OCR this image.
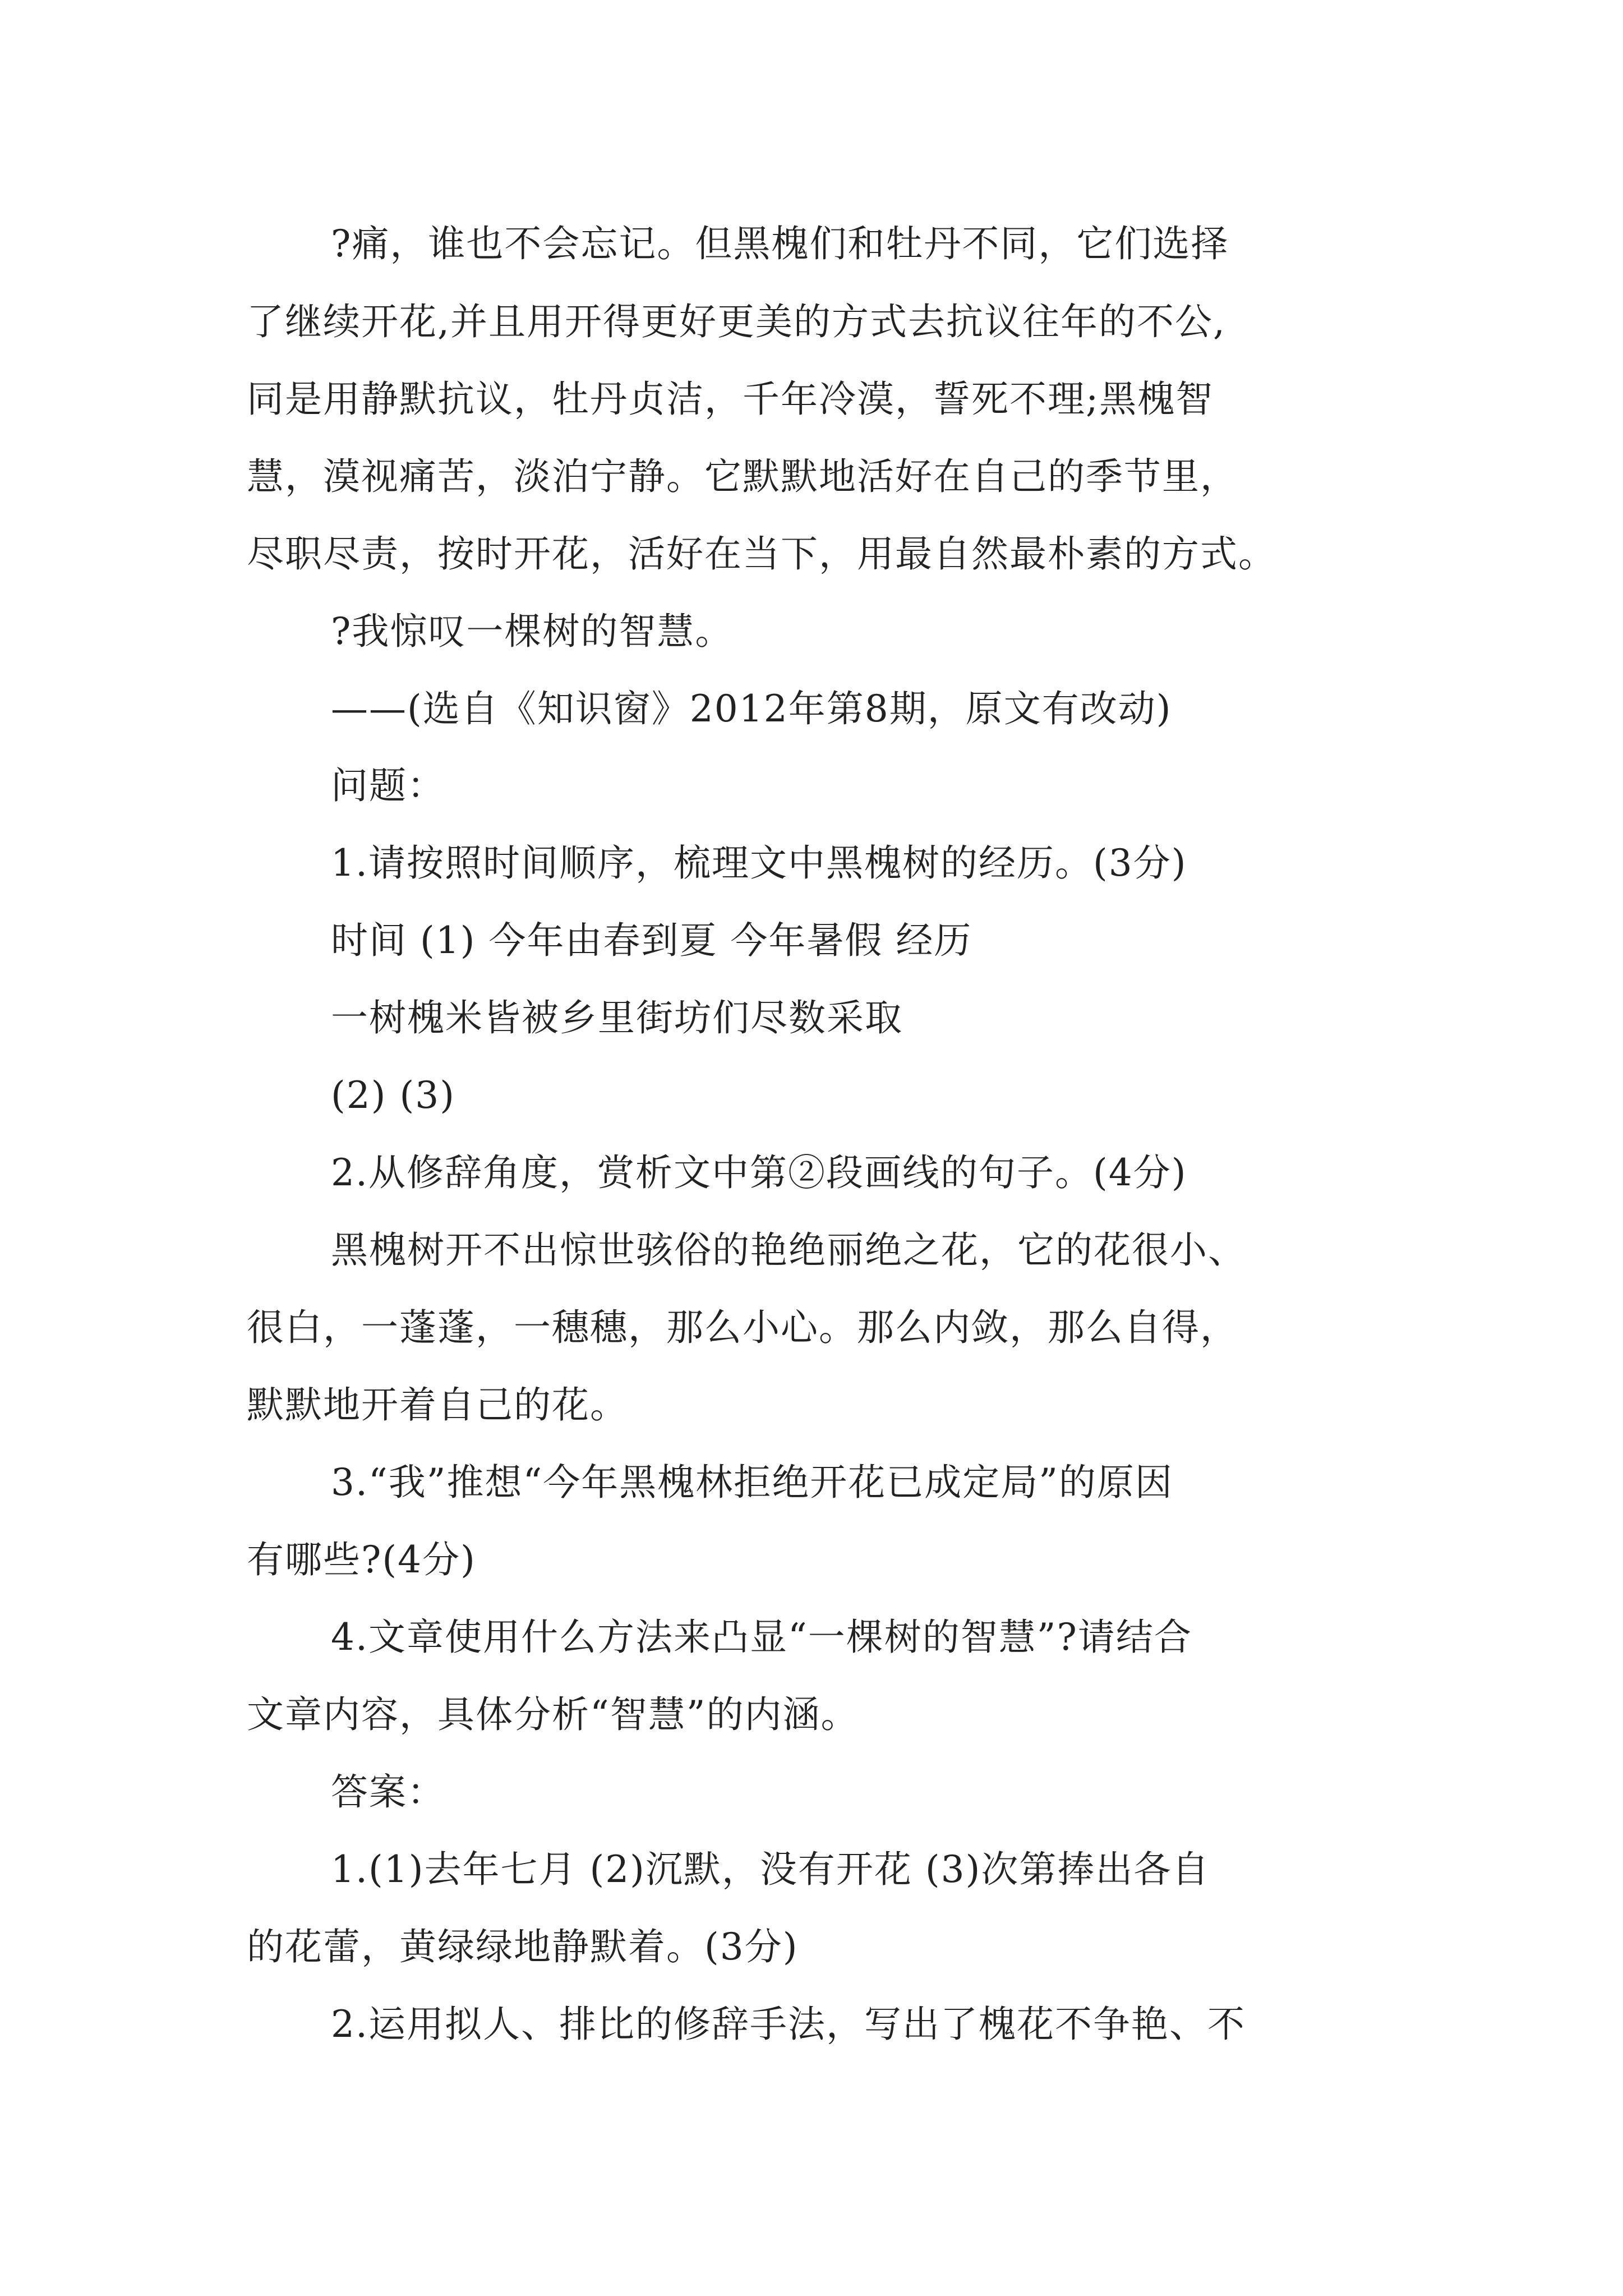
?痛，谁也不会忘记。但黑槐们和牡丹不同，它们选择
了继续开花,并且用开得更好更美的方式去抗议往年的不公,
同是用静默抗议，牡丹贞洁，千年冷漠，誓死不理;黑槐智
慧，漠视痛苦，淡泊宁静。它默默地活好在自己的季节里，
尽职尽责，按时开花，活好在当下，用最自然最朴素的方式。
?我惊叹一棵树的智慧。
——(选自《知识窗》2012年第8期，原文有改动)
问题：
1.请按照时间顺序，梳理文中黑槐树的经历。(3分)
时间 (1) 今年由春到夏 今年暑假 经历
一树槐米皆被乡里街坊们尽数采取
(2) (3)
2.从修辞角度，赏析文中第②段画线的句子。(4分)
黑槐树开不出惊世骇俗的艳绝丽绝之花，它的花很小、
很白，一蓬蓬，一穗穗，那么小心。那么内敛，那么自得，
默默地开着自己的花。
3.“我”推想“今年黑槐林拒绝开花已成定局”的原因
有哪些?(4分)
4.文章使用什么方法来凸显“一棵树的智慧”?请结合
文章内容，具体分析“智慧”的内涵。
答案：
1.(1)去年七月 (2)沉默，没有开花 (3)次第捧出各自
的花蕾，黄绿绿地静默着。(3分)
2.运用拟人、排比的修辞手法，写出了槐花不争艳、不
